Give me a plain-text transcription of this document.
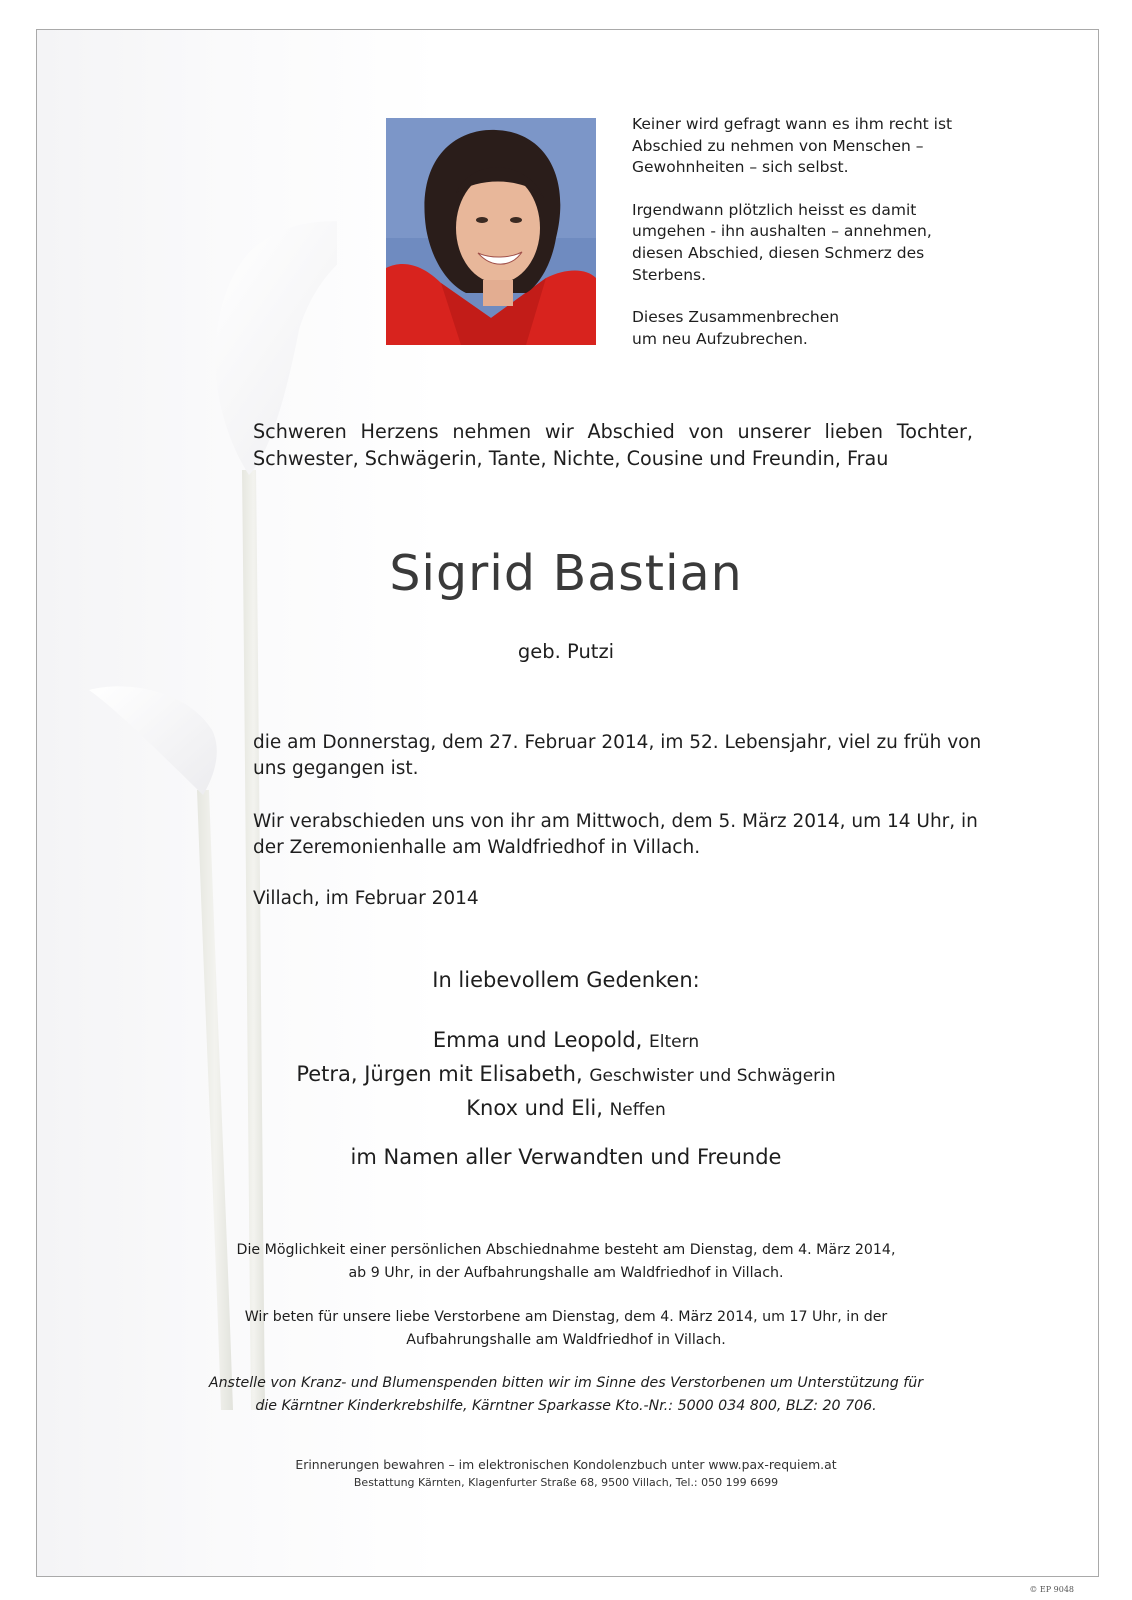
Keiner wird gefragt wann es ihm recht ist
Abschied zu nehmen von Menschen –
Gewohnheiten – sich selbst.

Irgendwann plötzlich heisst es damit
umgehen - ihn aushalten – annehmen,
diesen Abschied, diesen Schmerz des
Sterbens.

Dieses Zusammenbrechen
um neu Aufzubrechen.

Schweren Herzens nehmen wir Abschied von unserer lieben Tochter,
Schwester, Schwägerin, Tante, Nichte, Cousine und Freundin, Frau
Sigrid Bastian
geb. Putzi
die am Donnerstag, dem 27. Februar 2014, im 52. Lebensjahr, viel zu früh von
uns gegangen ist.
Wir verabschieden uns von ihr am Mittwoch, dem 5. März 2014, um 14 Uhr, in
der Zeremonienhalle am Waldfriedhof in Villach.
Villach, im Februar 2014
In liebevollem Gedenken:
Emma und Leopold, Eltern
Petra, Jürgen mit Elisabeth, Geschwister und Schwägerin
Knox und Eli, Neffen
im Namen aller Verwandten und Freunde
Die Möglichkeit einer persönlichen Abschiednahme besteht am Dienstag, dem 4. März 2014,
ab 9 Uhr, in der Aufbahrungshalle am Waldfriedhof in Villach.
Wir beten für unsere liebe Verstorbene am Dienstag, dem 4. März 2014, um 17 Uhr, in der
Aufbahrungshalle am Waldfriedhof in Villach.
Anstelle von Kranz- und Blumenspenden bitten wir im Sinne des Verstorbenen um Unterstützung für
die Kärntner Kinderkrebshilfe, Kärntner Sparkasse Kto.-Nr.: 5000 034 800, BLZ: 20 706.
Erinnerungen bewahren – im elektronischen Kondolenzbuch unter www.pax-requiem.at
Bestattung Kärnten, Klagenfurter Straße 68, 9500 Villach, Tel.: 050 199 6699
© EP 9048
